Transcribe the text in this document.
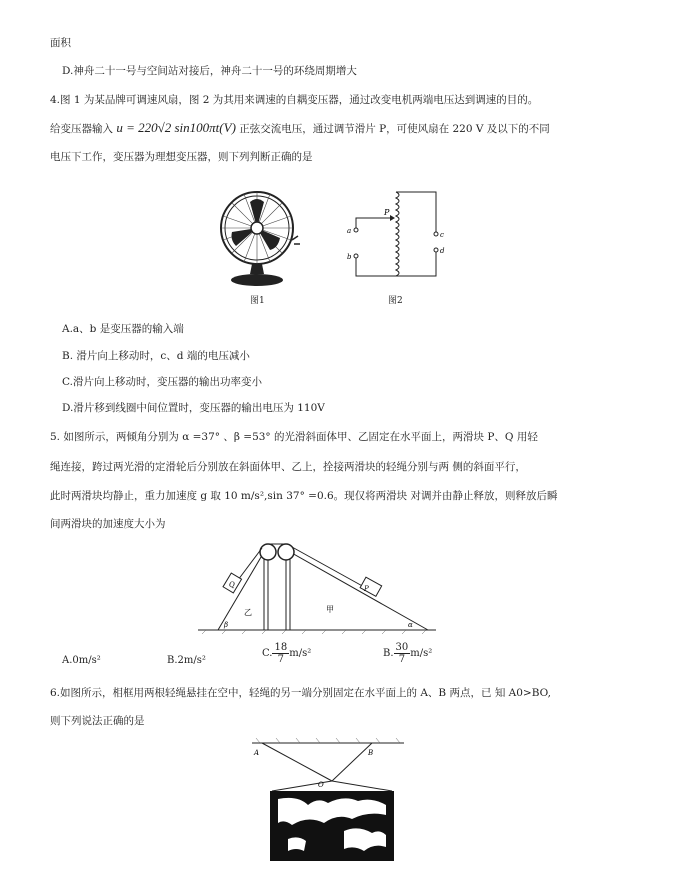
面积
D.神舟二十一号与空间站对接后，神舟二十一号的环绕周期增大
4.图 1 为某品牌可调速风扇，图 2 为其用来调速的自耦变压器，通过改变电机两端电压达到调速的目的。
给变压器输入 u = 220√2 sin100πt(V) 正弦交流电压，通过调节滑片 P，可使风扇在 220 V 及以下的不同
电压下工作，变压器为理想变压器，则下列判断正确的是
图1
P
a
b
c
d
图2
A.a、b 是变压器的输入端
B. 滑片向上移动时，c、d 端的电压减小
C.滑片向上移动时，变压器的输出功率变小
D.滑片移到线圈中间位置时，变压器的输出电压为 110V
5. 如图所示，两倾角分别为 α =37° 、β =53° 的光滑斜面体甲、乙固定在水平面上，两滑块 P、Q 用轻
绳连接，跨过两光滑的定滑轮后分别放在斜面体甲、乙上，拴接两滑块的轻绳分别与两 侧的斜面平行，
此时两滑块均静止，重力加速度 g 取 10 m/s²,sin 37° =0.6。现仅将两滑块 对调并由静止释放，则释放后瞬
间两滑块的加速度大小为
Q	P
乙	甲
β	α
A.0m/s²	B.2m/s²
C. $\frac{18}{7} m/s^2$	B. $\frac{30}{7} m/s^2$
6.如图所示，相框用两根轻绳悬挂在空中，轻绳的另一端分别固定在水平面上的 A、B 两点，已 知 A0>BO,
则下列说法正确的是
A	B
O
